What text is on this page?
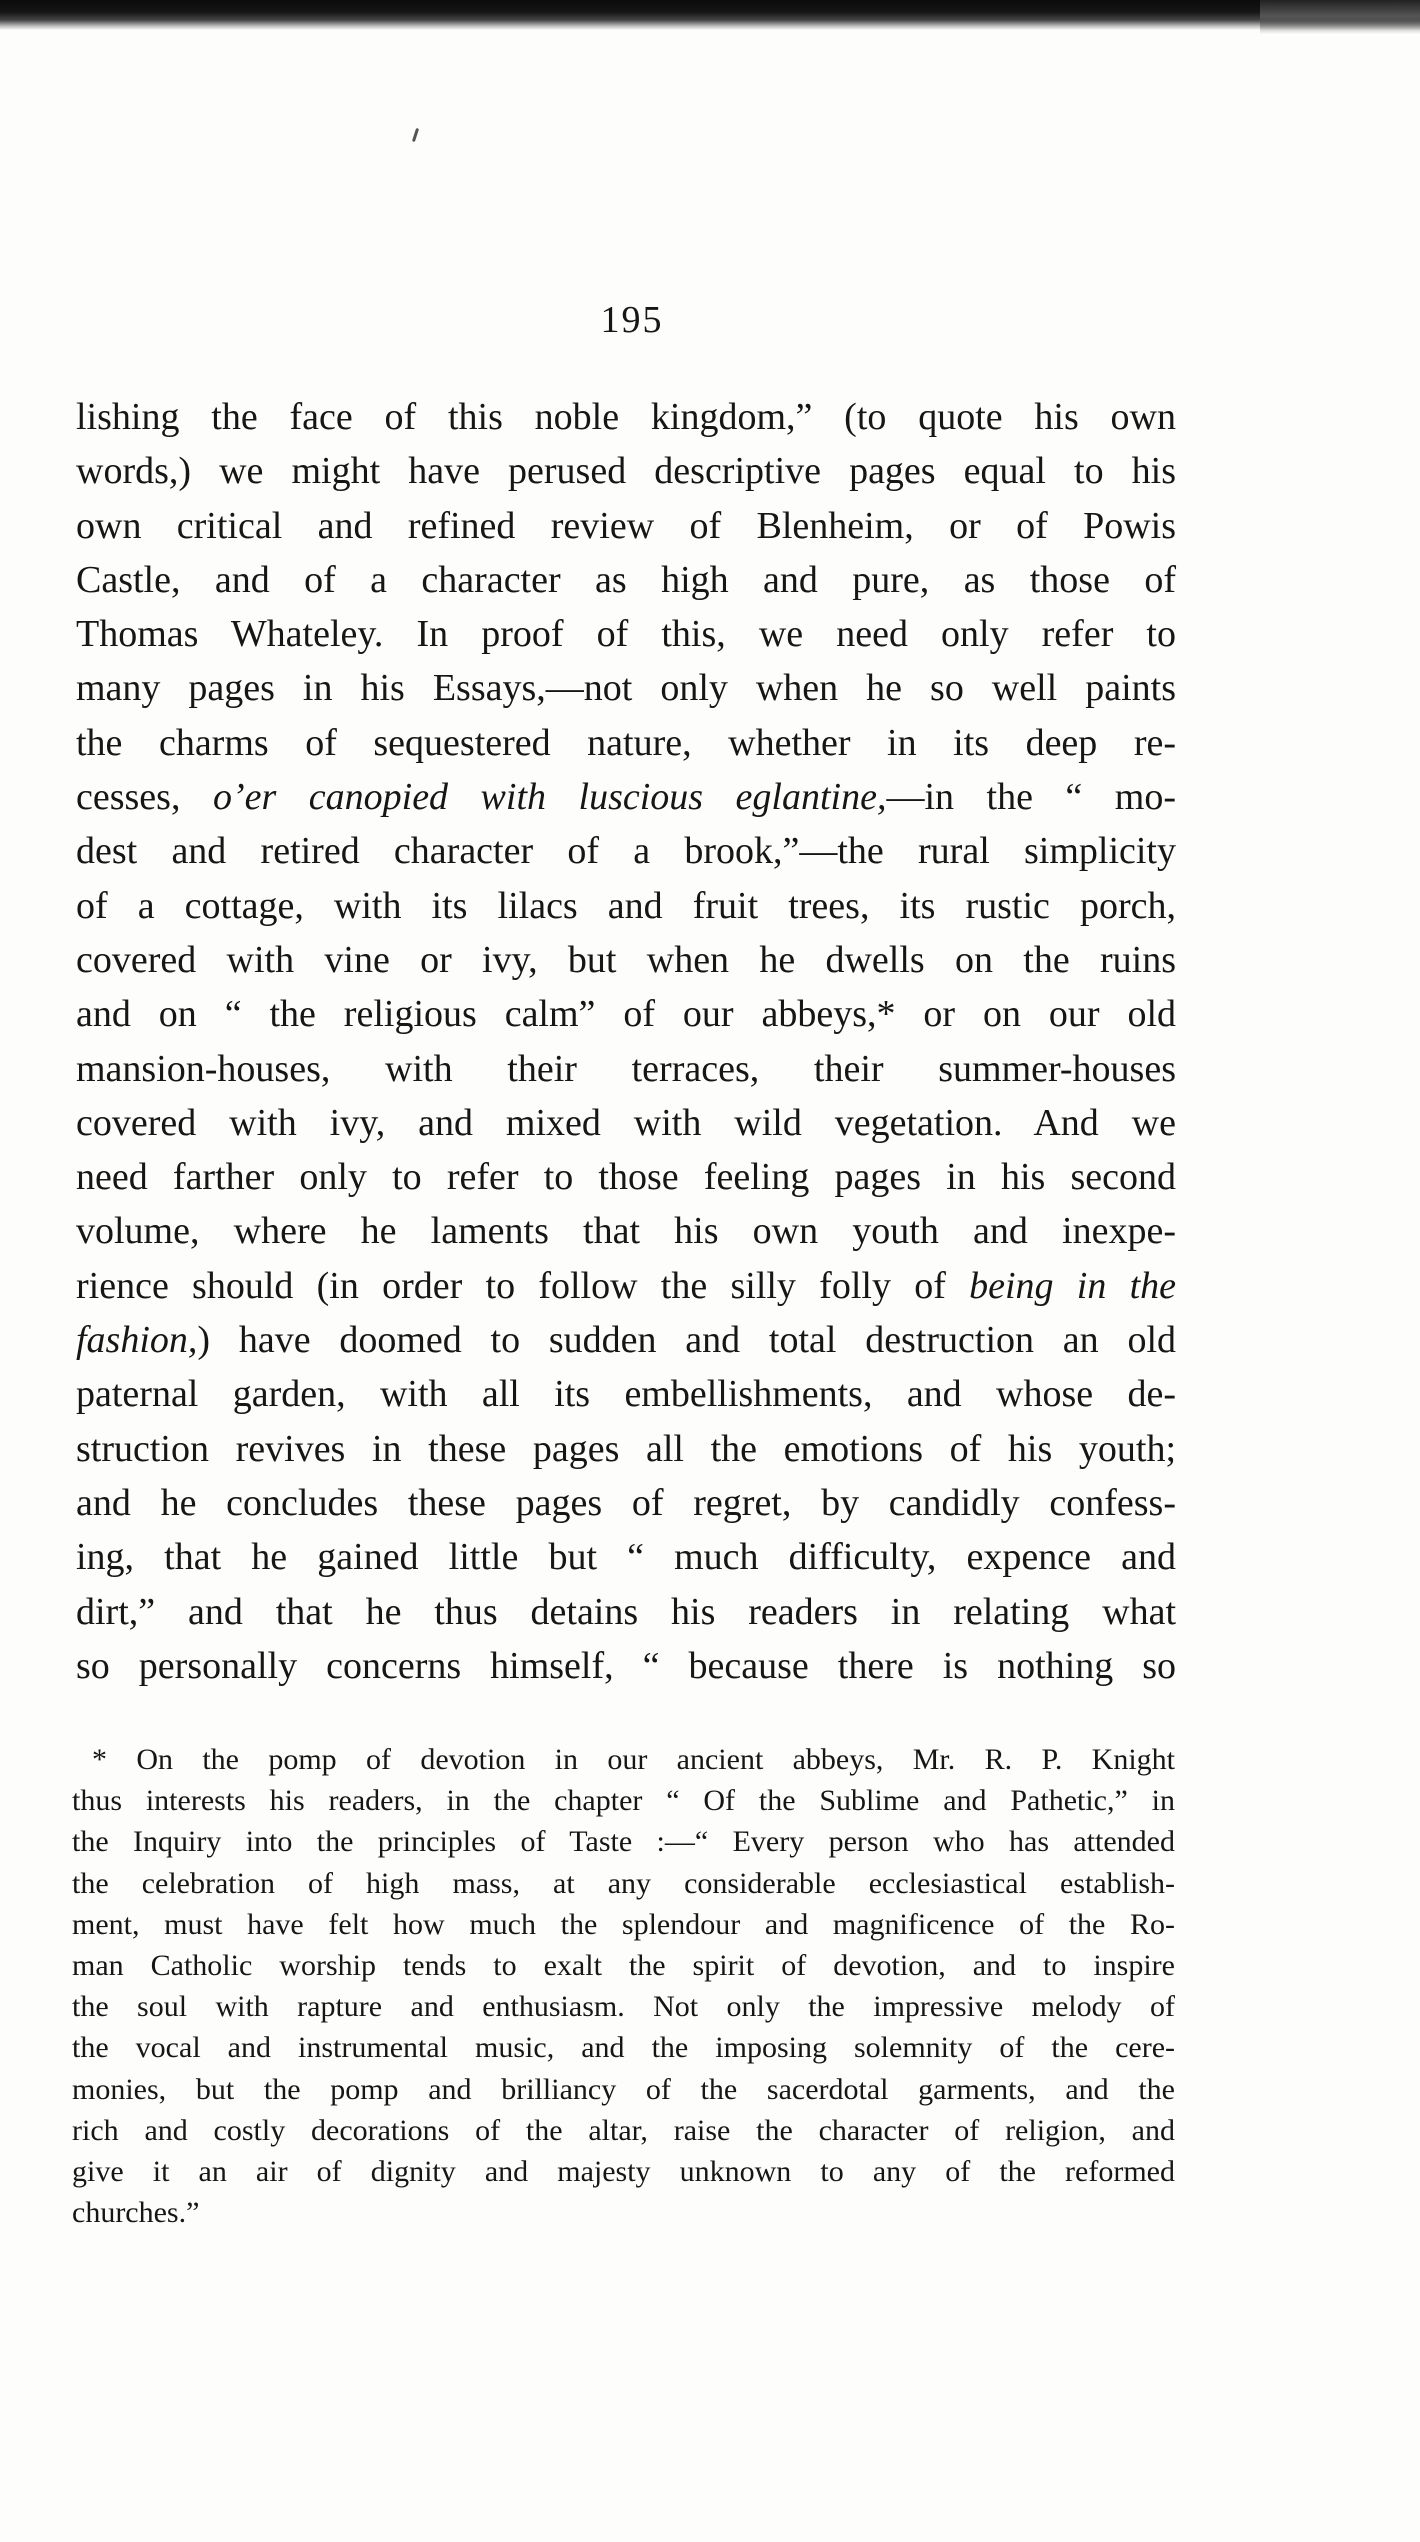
195
lishing the face of this noble kingdom,” (to quote his own
words,) we might have perused descriptive pages equal to his
own critical and refined review of Blenheim, or of Powis
Castle, and of a character as high and pure, as those of
Thomas Whateley. In proof of this, we need only refer to
many pages in his Essays,—not only when he so well paints
the charms of sequestered nature, whether in its deep re-
cesses, o’er canopied with luscious eglantine,—in the “ mo-
dest and retired character of a brook,”—the rural simplicity
of a cottage, with its lilacs and fruit trees, its rustic porch,
covered with vine or ivy, but when he dwells on the ruins
and on “ the religious calm” of our abbeys,* or on our old
mansion-houses, with their terraces, their summer-houses
covered with ivy, and mixed with wild vegetation. And we
need farther only to refer to those feeling pages in his second
volume, where he laments that his own youth and inexpe-
rience should (in order to follow the silly folly of being in the
fashion,) have doomed to sudden and total destruction an old
paternal garden, with all its embellishments, and whose de-
struction revives in these pages all the emotions of his youth;
and he concludes these pages of regret, by candidly confess-
ing, that he gained little but “ much difficulty, expence and
dirt,” and that he thus detains his readers in relating what
so personally concerns himself, “ because there is nothing so
* On the pomp of devotion in our ancient abbeys, Mr. R. P. Knight
thus interests his readers, in the chapter “ Of the Sublime and Pathetic,” in
the Inquiry into the principles of Taste :—“ Every person who has attended
the celebration of high mass, at any considerable ecclesiastical establish-
ment, must have felt how much the splendour and magnificence of the Ro-
man Catholic worship tends to exalt the spirit of devotion, and to inspire
the soul with rapture and enthusiasm. Not only the impressive melody of
the vocal and instrumental music, and the imposing solemnity of the cere-
monies, but the pomp and brilliancy of the sacerdotal garments, and the
rich and costly decorations of the altar, raise the character of religion, and
give it an air of dignity and majesty unknown to any of the reformed
churches.”
